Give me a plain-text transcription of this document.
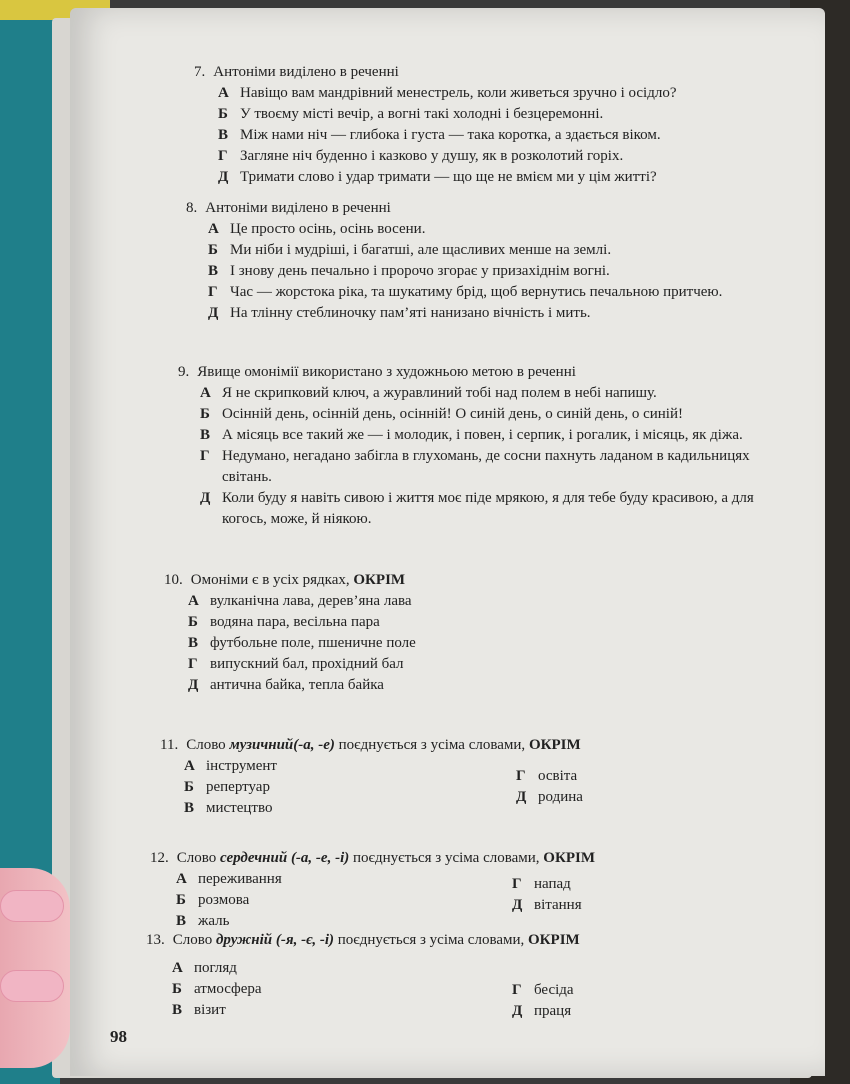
7. Антоніми виділено в реченні
А Навіщо вам мандрівний менестрель, коли живеться зручно і осідло?
Б У твоєму місті вечір, а вогні такі холодні і безцеремонні.
В Між нами ніч — глибока і густа — така коротка, а здається віком.
Г Загляне ніч буденно і казково у душу, як в розколотий горіх.
Д Тримати слово і удар тримати — що ще не вмієм ми у цім житті?
8. Антоніми виділено в реченні
А Це просто осінь, осінь восени.
Б Ми ніби і мудріші, і багатші, але щасливих менше на землі.
В І знову день печально і пророчо згорає у призахіднім вогні.
Г Час — жорстока ріка, та шукатиму брід, щоб вернутись печальною притчею.
Д На тлінну стеблиночку пам’яті нанизано вічність і мить.
9. Явище омонімії використано з художньою метою в реченні
А Я не скрипковий ключ, а журавлиний тобі над полем в небі напишу.
Б Осінній день, осінній день, осінній! О синій день, о синій день, о синій!
В А місяць все такий же — і молодик, і повен, і серпик, і рогалик, і місяць, як діжа.
Г Недумано, негадано забігла в глухомань, де сосни пахнуть ладаном в кадильницях світань.
Д Коли буду я навіть сивою і життя моє піде мрякою, я для тебе буду красивою, а для когось, може, й ніякою.
10. Омоніми є в усіх рядках, ОКРІМ
А вулканічна лава, дерев’яна лава
Б водяна пара, весільна пара
В футбольне поле, пшеничне поле
Г випускний бал, прохідний бал
Д антична байка, тепла байка
11. Слово музичний(-а, -е) поєднується з усіма словами, ОКРІМ
А інструмент
Б репертуар
В мистецтво
Г освіта
Д родина
12. Слово сердечний (-а, -е, -і) поєднується з усіма словами, ОКРІМ
А переживання
Б розмова
В жаль
Г напад
Д вітання
13. Слово дружній (-я, -є, -і) поєднується з усіма словами, ОКРІМ
А погляд
Б атмосфера
В візит
Г бесіда
Д праця
98
